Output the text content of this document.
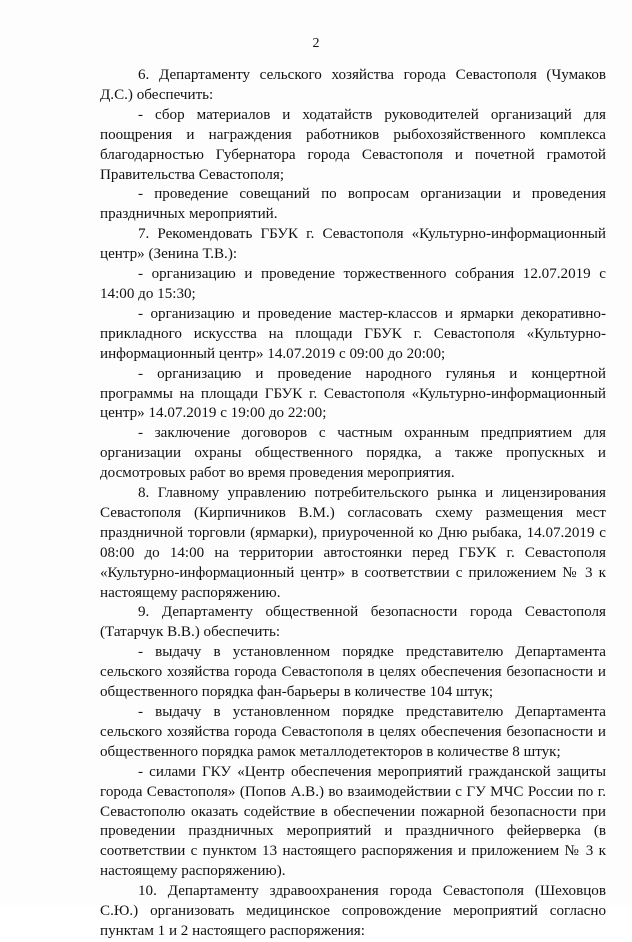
2

6. Департаменту сельского хозяйства города Севастополя (Чумаков Д.С.) обеспечить:

- сбор материалов и ходатайств руководителей организаций для поощрения и награждения работников рыбохозяйственного комплекса благодарностью Губернатора города Севастополя и почетной грамотой Правительства Севастополя;

- проведение совещаний по вопросам организации и проведения праздничных мероприятий.

7. Рекомендовать ГБУК г. Севастополя «Культурно-информационный центр» (Зенина Т.В.):

- организацию и проведение торжественного собрания 12.07.2019 с 14:00 до 15:30;

- организацию и проведение мастер-классов и ярмарки декоративно-прикладного искусства на площади ГБУК г. Севастополя «Культурно-информационный центр» 14.07.2019 с 09:00 до 20:00;

- организацию и проведение народного гулянья и концертной программы на площади ГБУК г. Севастополя «Культурно-информационный центр» 14.07.2019 с 19:00 до 22:00;

- заключение договоров с частным охранным предприятием для организации охраны общественного порядка, а также пропускных и досмотровых работ во время проведения мероприятия.

8. Главному управлению потребительского рынка и лицензирования Севастополя (Кирпичников В.М.) согласовать схему размещения мест праздничной торговли (ярмарки), приуроченной ко Дню рыбака, 14.07.2019 с 08:00 до 14:00 на территории автостоянки перед ГБУК г. Севастополя «Культурно-информационный центр» в соответствии с приложением № 3 к настоящему распоряжению.

9. Департаменту общественной безопасности города Севастополя (Татарчук В.В.) обеспечить:

- выдачу в установленном порядке представителю Департамента сельского хозяйства города Севастополя в целях обеспечения безопасности и общественного порядка фан-барьеры в количестве 104 штук;

- выдачу в установленном порядке представителю Департамента сельского хозяйства города Севастополя в целях обеспечения безопасности и общественного порядка рамок металлодетекторов в количестве 8 штук;

- силами ГКУ «Центр обеспечения мероприятий гражданской защиты города Севастополя» (Попов А.В.) во взаимодействии с ГУ МЧС России по г. Севастополю оказать содействие в обеспечении пожарной безопасности при проведении праздничных мероприятий и праздничного фейерверка (в соответствии с пунктом 13 настоящего распоряжения и приложением № 3 к настоящему распоряжению).

10. Департаменту здравоохранения города Севастополя (Шеховцов С.Ю.) организовать медицинское сопровождение мероприятий согласно пунктам 1 и 2 настоящего распоряжения:
